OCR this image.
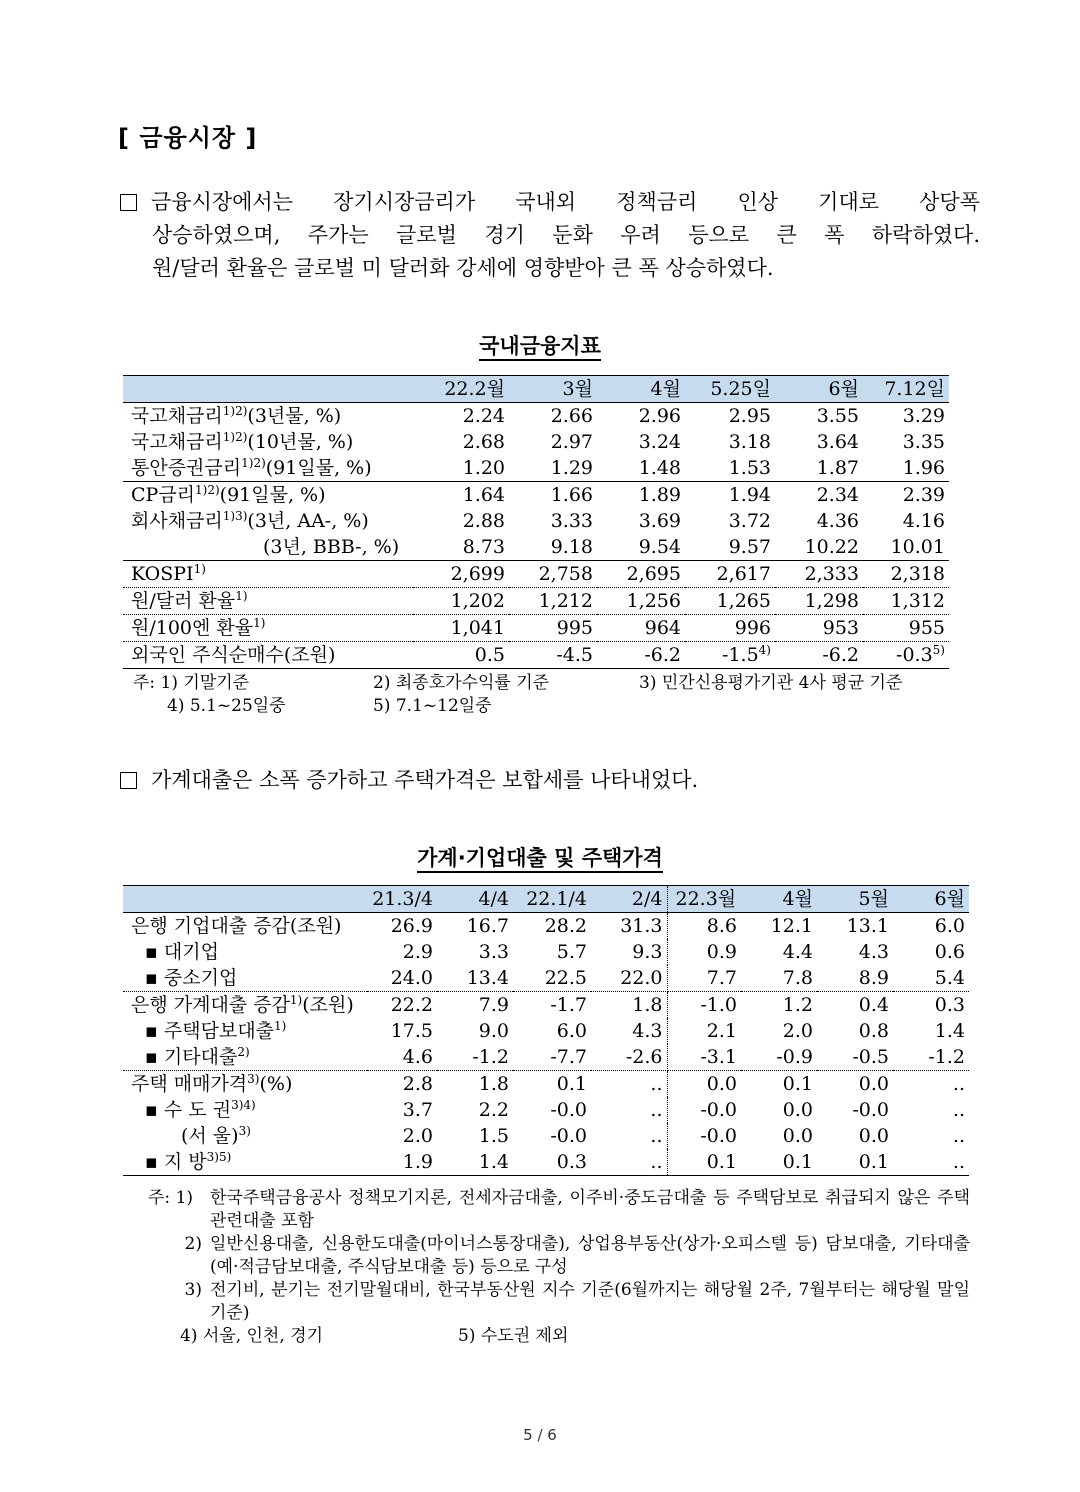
[ 금융시장 ]
금융시장에서는 장기시장금리가 국내외 정책금리 인상 기대로 상당폭
상승하였으며, 주가는 글로벌 경기 둔화 우려 등으로 큰 폭 하락하였다.
원/달러 환율은 글로벌 미 달러화 강세에 영향받아 큰 폭 상승하였다.
국내금융지표
	22.2월	3월	4월	5.25일	6월	7.12일
국고채금리$^{1)2)}$(3년물, %)	2.24	2.66	2.96	2.95	3.55	3.29
국고채금리$^{1)2)}$(10년물, %)	2.68	2.97	3.24	3.18	3.64	3.35
통안증권금리$^{1)2)}$(91일물, %)	1.20	1.29	1.48	1.53	1.87	1.96
CP금리$^{1)2)}$(91일물, %)	1.64	1.66	1.89	1.94	2.34	2.39
회사채금리$^{1)3)}$(3년, AA-, %)	2.88	3.33	3.69	3.72	4.36	4.16
(3년, BBB-, %)	8.73	9.18	9.54	9.57	10.22	10.01
KOSPI$^{1)}$	2,699	2,758	2,695	2,617	2,333	2,318
원/달러 환율$^{1)}$	1,202	1,212	1,256	1,265	1,298	1,312
원/100엔 환율$^{1)}$	1,041	995	964	996	953	955
외국인 주식순매수(조원)	0.5	-4.5	-6.2	-1.5$^{4)}$	-6.2	-0.3$^{5)}$
주: 1) 기말기준	2) 최종호가수익률 기준	3) 민간신용평가기관 4사 평균 기준
4) 5.1~25일중	5) 7.1~12일중
가계대출은 소폭 증가하고 주택가격은 보합세를 나타내었다.
가계·기업대출 및 주택가격
	21.3/4	4/4	22.1/4	2/4	22.3월	4월	5월	6월
은행 기업대출 증감(조원)	26.9	16.7	28.2	31.3	8.6	12.1	13.1	6.0
▪ 대기업	2.9	3.3	5.7	9.3	0.9	4.4	4.3	0.6
▪ 중소기업	24.0	13.4	22.5	22.0	7.7	7.8	8.9	5.4
은행 가계대출 증감$^{1)}$(조원)	22.2	7.9	-1.7	1.8	-1.0	1.2	0.4	0.3
▪ 주택담보대출$^{1)}$	17.5	9.0	6.0	4.3	2.1	2.0	0.8	1.4
▪ 기타대출$^{2)}$	4.6	-1.2	-7.7	-2.6	-3.1	-0.9	-0.5	-1.2
주택 매매가격$^{3)}$(%)	2.8	1.8	0.1	..	0.0	0.1	0.0	..
▪ 수 도 권$^{3)4)}$	3.7	2.2	-0.0	..	-0.0	0.0	-0.0	..
(서 울)$^{3)}$	2.0	1.5	-0.0	..	-0.0	0.0	0.0	..
▪ 지 방$^{3)5)}$	1.9	1.4	0.3	..	0.1	0.1	0.1	..
주: 1) 한국주택금융공사 정책모기지론, 전세자금대출, 이주비·중도금대출 등 주택담보로 취급되지 않은 주택관련대출 포함
2) 일반신용대출, 신용한도대출(마이너스통장대출), 상업용부동산(상가·오피스텔 등) 담보대출, 기타대출(예·적금담보대출, 주식담보대출 등) 등으로 구성
3) 전기비, 분기는 전기말월대비, 한국부동산원 지수 기준(6월까지는 해당월 2주, 7월부터는 해당월 말일 기준)
4) 서울, 인천, 경기	5) 수도권 제외
5 / 6
